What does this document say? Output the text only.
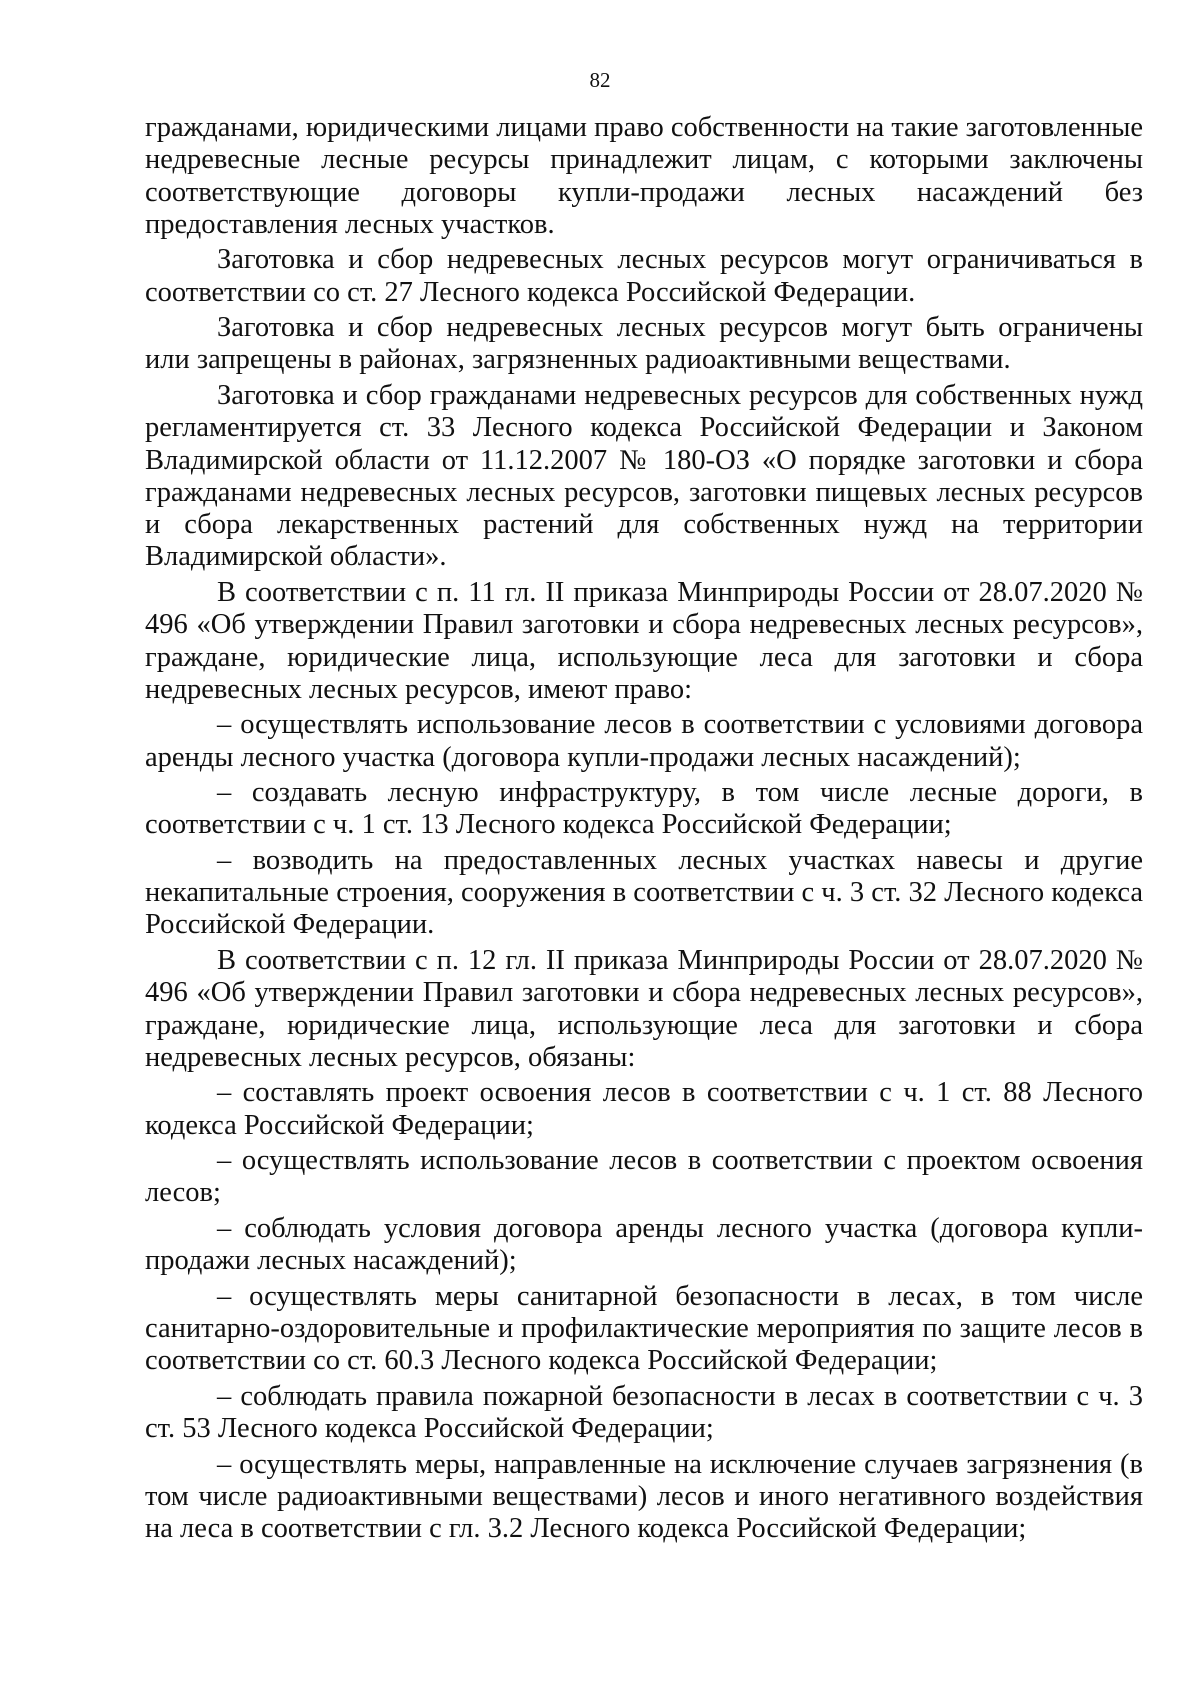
82

гражданами, юридическими лицами право собственности на такие заготовленные недревесные лесные ресурсы принадлежит лицам, с которыми заключены соответствующие договоры купли-продажи лесных насаждений без предоставления лесных участков.

Заготовка и сбор недревесных лесных ресурсов могут ограничиваться в соответствии со ст. 27 Лесного кодекса Российской Федерации.

Заготовка и сбор недревесных лесных ресурсов могут быть ограничены или запрещены в районах, загрязненных радиоактивными веществами.

Заготовка и сбор гражданами недревесных ресурсов для собственных нужд регламентируется ст. 33 Лесного кодекса Российской Федерации и Законом Владимирской области от 11.12.2007 № 180-ОЗ «О порядке заготовки и сбора гражданами недревесных лесных ресурсов, заготовки пищевых лесных ресурсов и сбора лекарственных растений для собственных нужд на территории Владимирской области».

В соответствии с п. 11 гл. II приказа Минприроды России от 28.07.2020 № 496 «Об утверждении Правил заготовки и сбора недревесных лесных ресурсов», граждане, юридические лица, использующие леса для заготовки и сбора недревесных лесных ресурсов, имеют право:

– осуществлять использование лесов в соответствии с условиями договора аренды лесного участка (договора купли-продажи лесных насаждений);

– создавать лесную инфраструктуру, в том числе лесные дороги, в соответствии с ч. 1 ст. 13 Лесного кодекса Российской Федерации;

– возводить на предоставленных лесных участках навесы и другие некапитальные строения, сооружения в соответствии с ч. 3 ст. 32 Лесного кодекса Российской Федерации.

В соответствии с п. 12 гл. II приказа Минприроды России от 28.07.2020 № 496 «Об утверждении Правил заготовки и сбора недревесных лесных ресурсов», граждане, юридические лица, использующие леса для заготовки и сбора недревесных лесных ресурсов, обязаны:

– составлять проект освоения лесов в соответствии с ч. 1 ст. 88 Лесного кодекса Российской Федерации;

– осуществлять использование лесов в соответствии с проектом освоения лесов;

– соблюдать условия договора аренды лесного участка (договора купли-продажи лесных насаждений);

– осуществлять меры санитарной безопасности в лесах, в том числе санитарно-оздоровительные и профилактические мероприятия по защите лесов в соответствии со ст. 60.3 Лесного кодекса Российской Федерации;

– соблюдать правила пожарной безопасности в лесах в соответствии с ч. 3 ст. 53 Лесного кодекса Российской Федерации;

– осуществлять меры, направленные на исключение случаев загрязнения (в том числе радиоактивными веществами) лесов и иного негативного воздействия на леса в соответствии с гл. 3.2 Лесного кодекса Российской Федерации;
